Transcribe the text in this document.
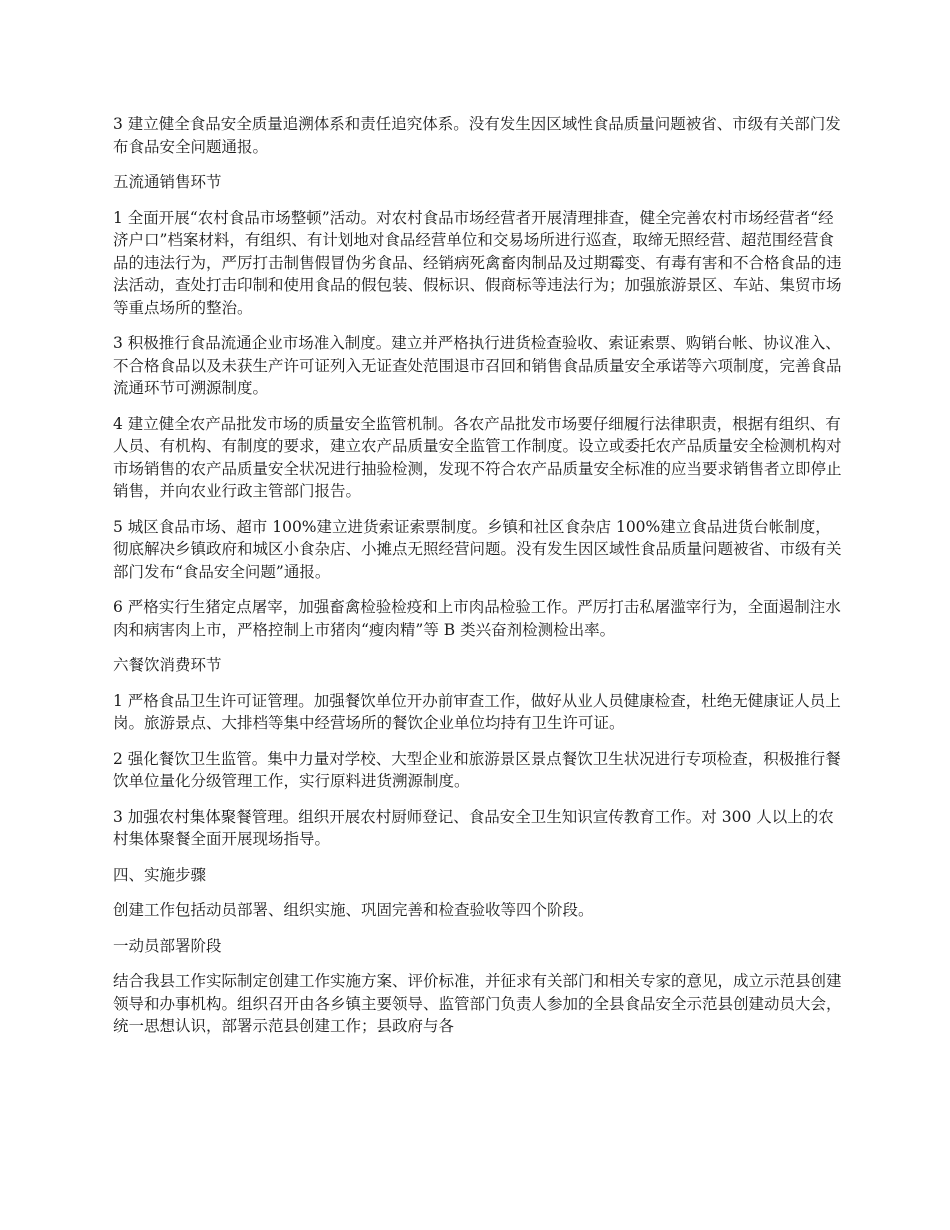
3 建立健全食品安全质量追溯体系和责任追究体系。没有发生因区域性食品质量问题被省、市级有关部门发布食品安全问题通报。

五流通销售环节

1 全面开展“农村食品市场整顿”活动。对农村食品市场经营者开展清理排查，健全完善农村市场经营者“经济户口”档案材料，有组织、有计划地对食品经营单位和交易场所进行巡查，取缔无照经营、超范围经营食品的违法行为，严厉打击制售假冒伪劣食品、经销病死禽畜肉制品及过期霉变、有毒有害和不合格食品的违法活动，查处打击印制和使用食品的假包装、假标识、假商标等违法行为；加强旅游景区、车站、集贸市场等重点场所的整治。

3 积极推行食品流通企业市场准入制度。建立并严格执行进货检查验收、索证索票、购销台帐、协议准入、不合格食品以及未获生产许可证列入无证查处范围退市召回和销售食品质量安全承诺等六项制度，完善食品流通环节可溯源制度。

4 建立健全农产品批发市场的质量安全监管机制。各农产品批发市场要仔细履行法律职责，根据有组织、有人员、有机构、有制度的要求，建立农产品质量安全监管工作制度。设立或委托农产品质量安全检测机构对市场销售的农产品质量安全状况进行抽验检测，发现不符合农产品质量安全标准的应当要求销售者立即停止销售，并向农业行政主管部门报告。

5 城区食品市场、超市 100%建立进货索证索票制度。乡镇和社区食杂店 100%建立食品进货台帐制度，彻底解决乡镇政府和城区小食杂店、小摊点无照经营问题。没有发生因区域性食品质量问题被省、市级有关部门发布“食品安全问题”通报。

6 严格实行生猪定点屠宰，加强畜禽检验检疫和上市肉品检验工作。严厉打击私屠滥宰行为，全面遏制注水肉和病害肉上市，严格控制上市猪肉“瘦肉精”等 B 类兴奋剂检测检出率。

六餐饮消费环节

1 严格食品卫生许可证管理。加强餐饮单位开办前审查工作，做好从业人员健康检查，杜绝无健康证人员上岗。旅游景点、大排档等集中经营场所的餐饮企业单位均持有卫生许可证。

2 强化餐饮卫生监管。集中力量对学校、大型企业和旅游景区景点餐饮卫生状况进行专项检查，积极推行餐饮单位量化分级管理工作，实行原料进货溯源制度。

3 加强农村集体聚餐管理。组织开展农村厨师登记、食品安全卫生知识宣传教育工作。对 300 人以上的农村集体聚餐全面开展现场指导。

四、实施步骤

创建工作包括动员部署、组织实施、巩固完善和检查验收等四个阶段。

一动员部署阶段

结合我县工作实际制定创建工作实施方案、评价标准，并征求有关部门和相关专家的意见，成立示范县创建领导和办事机构。组织召开由各乡镇主要领导、监管部门负责人参加的全县食品安全示范县创建动员大会，统一思想认识，部署示范县创建工作；县政府与各
